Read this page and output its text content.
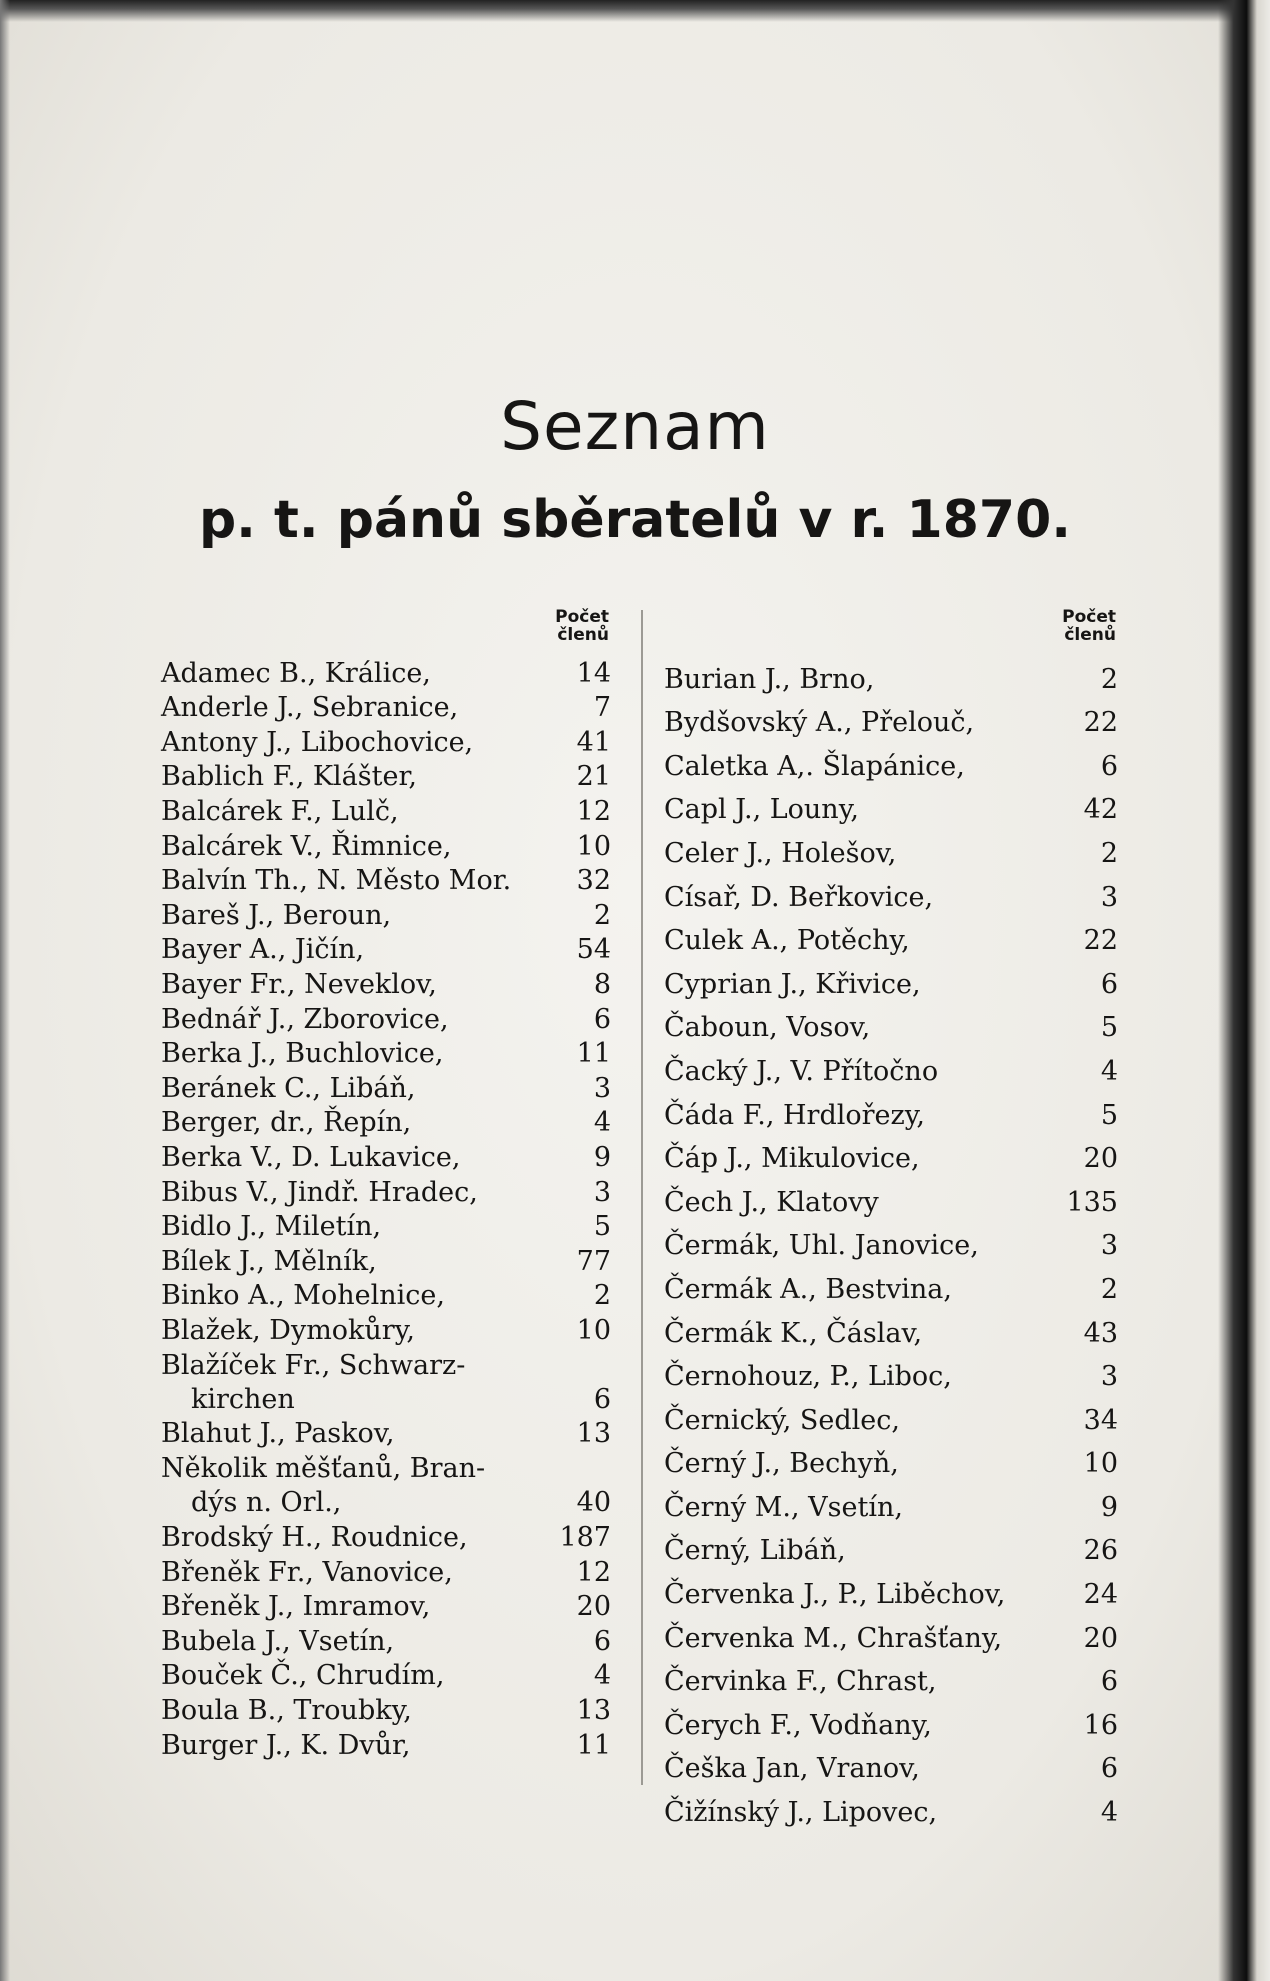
Seznam
p. t. pánů sběratelů v r. 1870.
Počet
členů
Adamec B., Králice,	14
Anderle J., Sebranice,	7
Antony J., Libochovice,	41
Bablich F., Klášter,	21
Balcárek F., Lulč,	12
Balcárek V., Řimnice,	10
Balvín Th., N. Město Mor.	32
Bareš J., Beroun,	2
Bayer A., Jičín,	54
Bayer Fr., Neveklov,	8
Bednář J., Zborovice,	6
Berka J., Buchlovice,	11
Beránek C., Libáň,	3
Berger, dr., Řepín,	4
Berka V., D. Lukavice,	9
Bibus V., Jindř. Hradec,	3
Bidlo J., Miletín,	5
Bílek J., Mělník,	77
Binko A., Mohelnice,	2
Blažek, Dymokůry,	10
Blažíček Fr., Schwarz-
kirchen	6
Blahut J., Paskov,	13
Několik měšťanů, Bran-
dýs n. Orl.,	40
Brodský H., Roudnice,	187
Břeněk Fr., Vanovice,	12
Břeněk J., Imramov,	20
Bubela J., Vsetín,	6
Bouček Č., Chrudím,	4
Boula B., Troubky,	13
Burger J., K. Dvůr,	11
Počet
členů
Burian J., Brno,	2
Bydšovský A., Přelouč,	22
Caletka A,. Šlapánice,	6
Capl J., Louny,	42
Celer J., Holešov,	2
Císař, D. Beřkovice,	3
Culek A., Potěchy,	22
Cyprian J., Křivice,	6
Čaboun, Vosov,	5
Čacký J., V. Přítočno	4
Čáda F., Hrdlořezy,	5
Čáp J., Mikulovice,	20
Čech J., Klatovy	135
Čermák, Uhl. Janovice,	3
Čermák A., Bestvina,	2
Čermák K., Čáslav,	43
Černohouz, P., Liboc,	3
Černický, Sedlec,	34
Černý J., Bechyň,	10
Černý M., Vsetín,	9
Černý, Libáň,	26
Červenka J., P., Liběchov,	24
Červenka M., Chrašťany,	20
Červinka F., Chrast,	6
Čerych F., Vodňany,	16
Češka Jan, Vranov,	6
Čižínský J., Lipovec,	4
